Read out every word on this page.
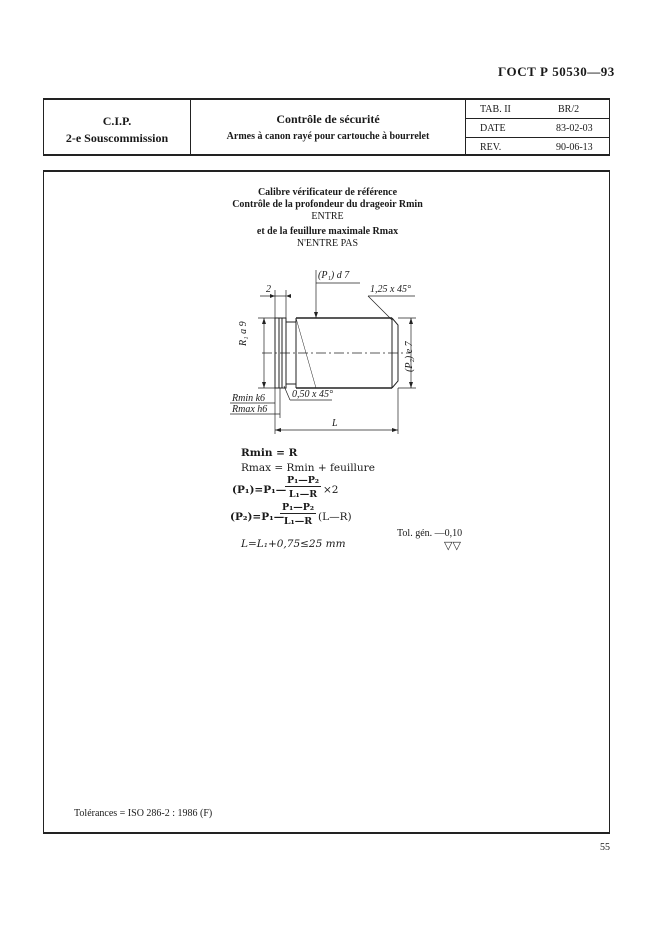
ГОСТ Р 50530—93
C.I.P.
2-e Souscommission
Contrôle de sécurité
Armes à canon rayé pour cartouche à bourrelet
TAB. II	BR/2
DATE	83-02-03
REV.	90-06-13
Calibre vérificateur de référence
Contrôle de la profondeur du drageoir Rmin
ENTRE
et de la feuillure maximale Rmax
N'ENTRE PAS
(P₁) d 7
2	1,25 x 45°
R₁ a 9
(P₂) e 7
0,50 x 45°
Rmin k6
Rmax h6
L
Rmin = R
Rmax = Rmin + feuillure
(P₁)=P₁—
P₁—P₂
L₁—R ×2
(P₂)=P₁—
P₁—P₂
L₁—R (L—R)
L=L₁+0,75≤25 mm
Tol. gén. —0,10
▽▽
Tolérances = ISO 286-2 : 1986 (F)
55
